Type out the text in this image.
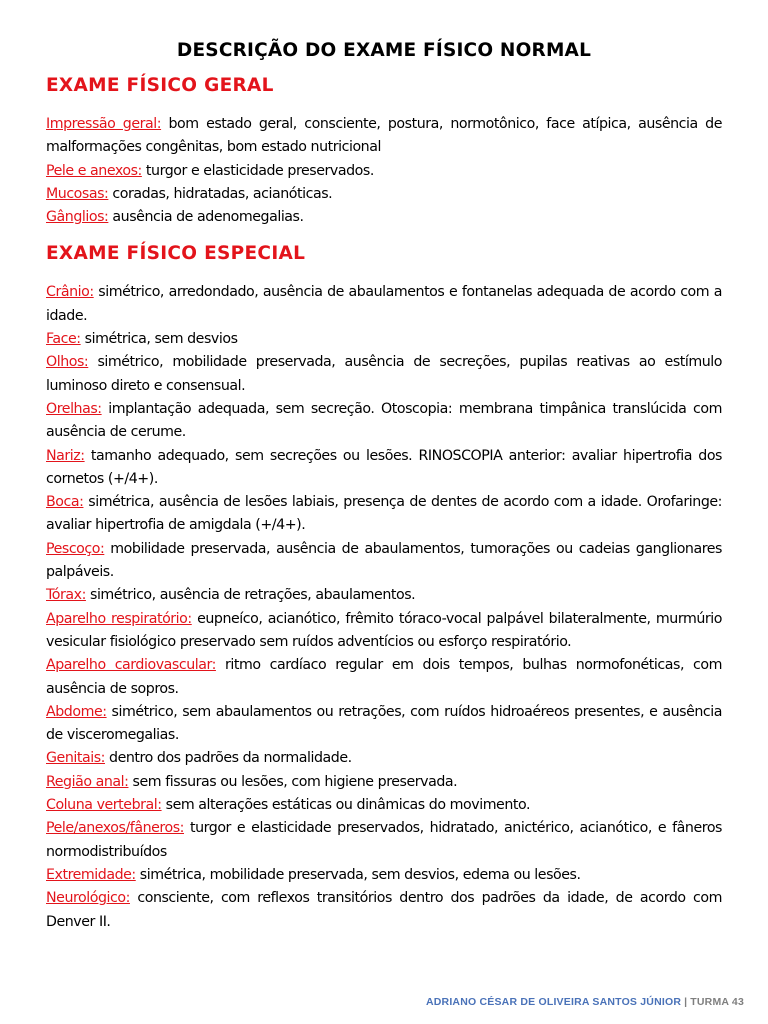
DESCRIÇÃO DO EXAME FÍSICO NORMAL
EXAME FÍSICO GERAL

Impressão geral: bom estado geral, consciente, postura, normotônico, face atípica, ausência de malformações congênitas, bom estado nutricional

Pele e anexos: turgor e elasticidade preservados.

Mucosas: coradas, hidratadas, acianóticas.

Gânglios: ausência de adenomegalias.

EXAME FÍSICO ESPECIAL

Crânio: simétrico, arredondado, ausência de abaulamentos e fontanelas adequada de acordo com a idade.

Face: simétrica, sem desvios

Olhos: simétrico, mobilidade preservada, ausência de secreções, pupilas reativas ao estímulo luminoso direto e consensual.

Orelhas: implantação adequada, sem secreção. Otoscopia: membrana timpânica translúcida com ausência de cerume.

Nariz: tamanho adequado, sem secreções ou lesões. RINOSCOPIA anterior: avaliar hipertrofia dos cornetos (+/4+).

Boca: simétrica, ausência de lesões labiais, presença de dentes de acordo com a idade. Orofaringe: avaliar hipertrofia de amigdala (+/4+).

Pescoço: mobilidade preservada, ausência de abaulamentos, tumorações ou cadeias ganglionares palpáveis.

Tórax: simétrico, ausência de retrações, abaulamentos.

Aparelho respiratório: eupneíco, acianótico, frêmito tóraco-vocal palpável bilateralmente, murmúrio vesicular fisiológico preservado sem ruídos adventícios ou esforço respiratório.

Aparelho cardiovascular: ritmo cardíaco regular em dois tempos, bulhas normofonéticas, com ausência de sopros.

Abdome: simétrico, sem abaulamentos ou retrações, com ruídos hidroaéreos presentes, e ausência de visceromegalias.

Genitais: dentro dos padrões da normalidade.

Região anal: sem fissuras ou lesões, com higiene preservada.

Coluna vertebral: sem alterações estáticas ou dinâmicas do movimento.

Pele/anexos/fâneros: turgor e elasticidade preservados, hidratado, anictérico, acianótico, e fâneros normodistribuídos

Extremidade: simétrica, mobilidade preservada, sem desvios, edema ou lesões.

Neurológico: consciente, com reflexos transitórios dentro dos padrões da idade, de acordo com Denver II.

ADRIANO CÉSAR DE OLIVEIRA SANTOS JÚNIOR | TURMA 43
